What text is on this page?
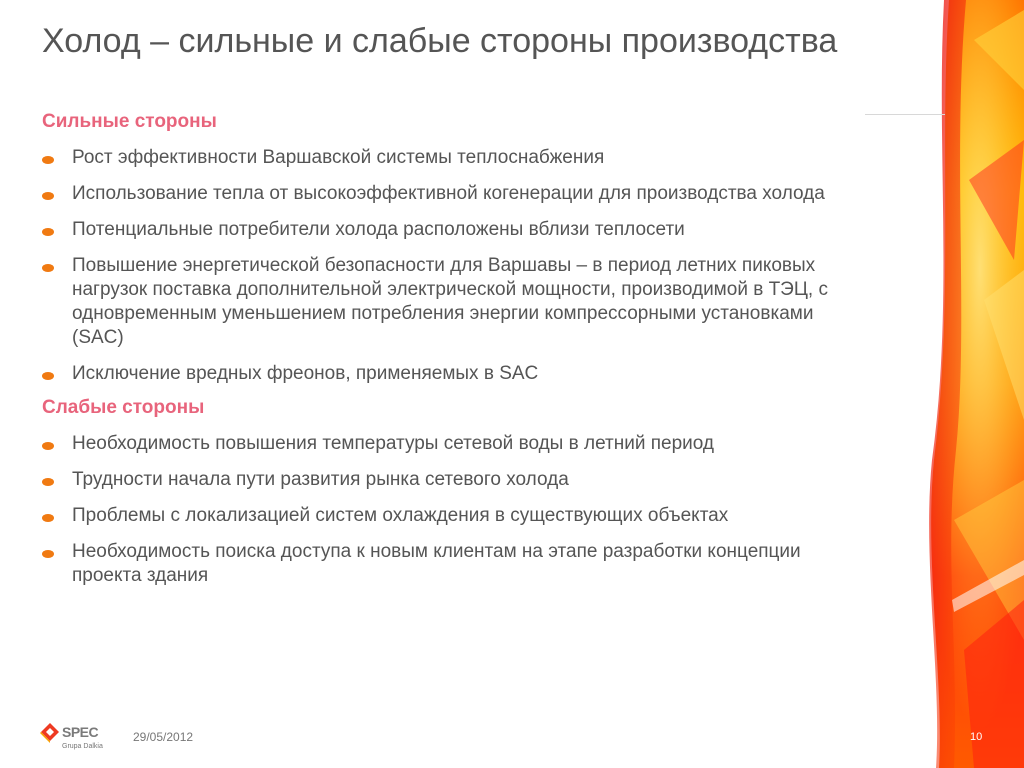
Холод – сильные и слабые стороны производства
Сильные стороны
Рост эффективности Варшавской системы теплоснабжения
Использование тепла от высокоэффективной когенерации для производства холода
Потенциальные потребители холода расположены вблизи теплосети
Повышение энергетической безопасности для Варшавы – в период летних пиковых нагрузок поставка дополнительной электрической мощности, производимой в ТЭЦ, с одновременным уменьшением потребления энергии компрессорными установками (SAC)
Исключение вредных фреонов, применяемых в SAC
Слабые стороны
Необходимость повышения температуры сетевой воды в летний период
Трудности начала пути развития рынка сетевого холода
Проблемы с локализацией систем охлаждения в существующих объектах
Необходимость поиска доступа к новым клиентам на этапе разработки концепции проекта здания
SPEC
Grupa Dalkia
29/05/2012	10
